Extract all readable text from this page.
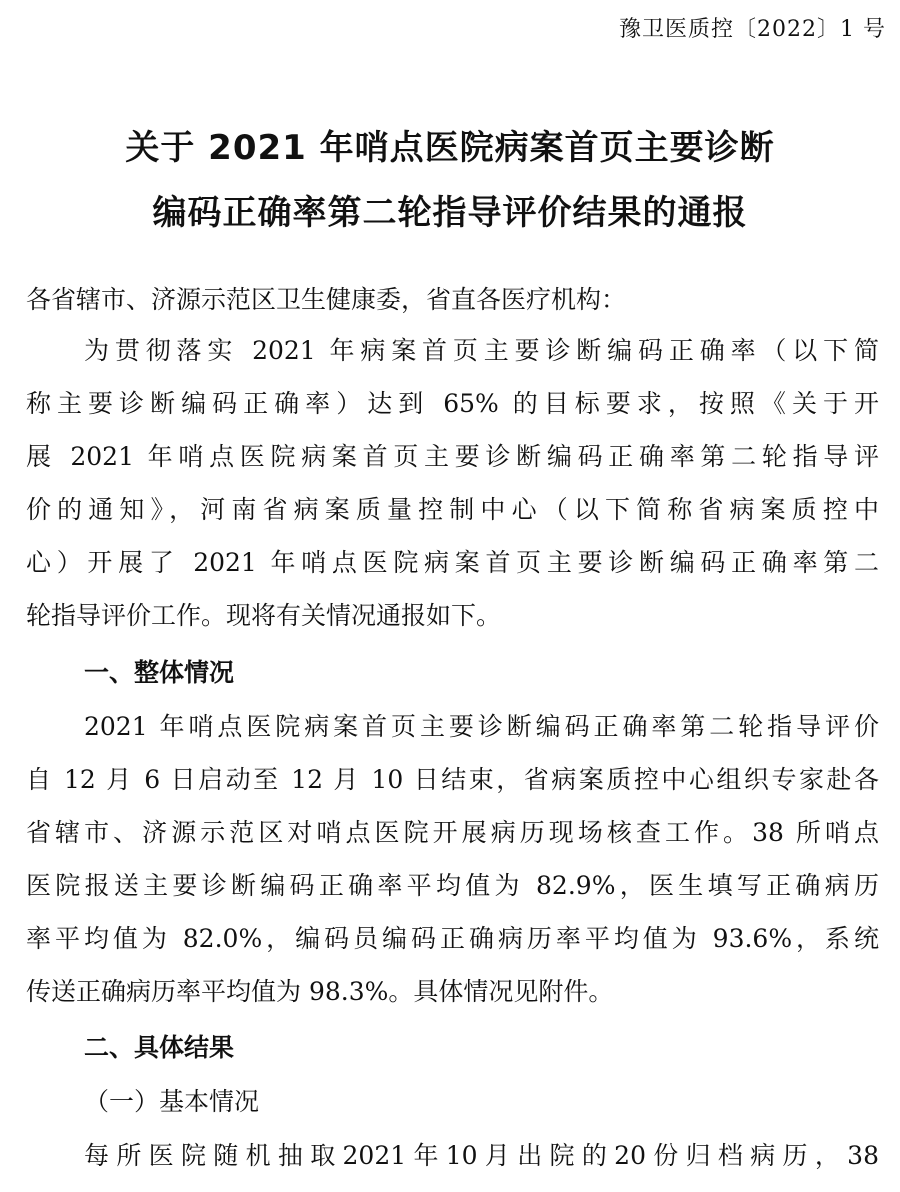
豫卫医质控〔2022〕1 号
关于 2021 年哨点医院病案首页主要诊断
编码正确率第二轮指导评价结果的通报
各省辖市、济源示范区卫生健康委，省直各医疗机构：
为贯彻落实 2021 年病案首页主要诊断编码正确率（以下简
称主要诊断编码正确率）达到 65% 的目标要求，按照《关于开
展 2021 年哨点医院病案首页主要诊断编码正确率第二轮指导评
价的通知》，河南省病案质量控制中心（以下简称省病案质控中
心）开展了 2021 年哨点医院病案首页主要诊断编码正确率第二
轮指导评价工作。现将有关情况通报如下。
一、整体情况
2021 年哨点医院病案首页主要诊断编码正确率第二轮指导评价
自 12 月 6 日启动至 12 月 10 日结束，省病案质控中心组织专家赴各
省辖市、济源示范区对哨点医院开展病历现场核查工作。38 所哨点
医院报送主要诊断编码正确率平均值为 82.9%，医生填写正确病历
率平均值为 82.0%，编码员编码正确病历率平均值为 93.6%，系统
传送正确病历率平均值为 98.3%。具体情况见附件。
二、具体结果
（一）基本情况
每所医院随机抽取2021年10月出院的20份归档病历，38
